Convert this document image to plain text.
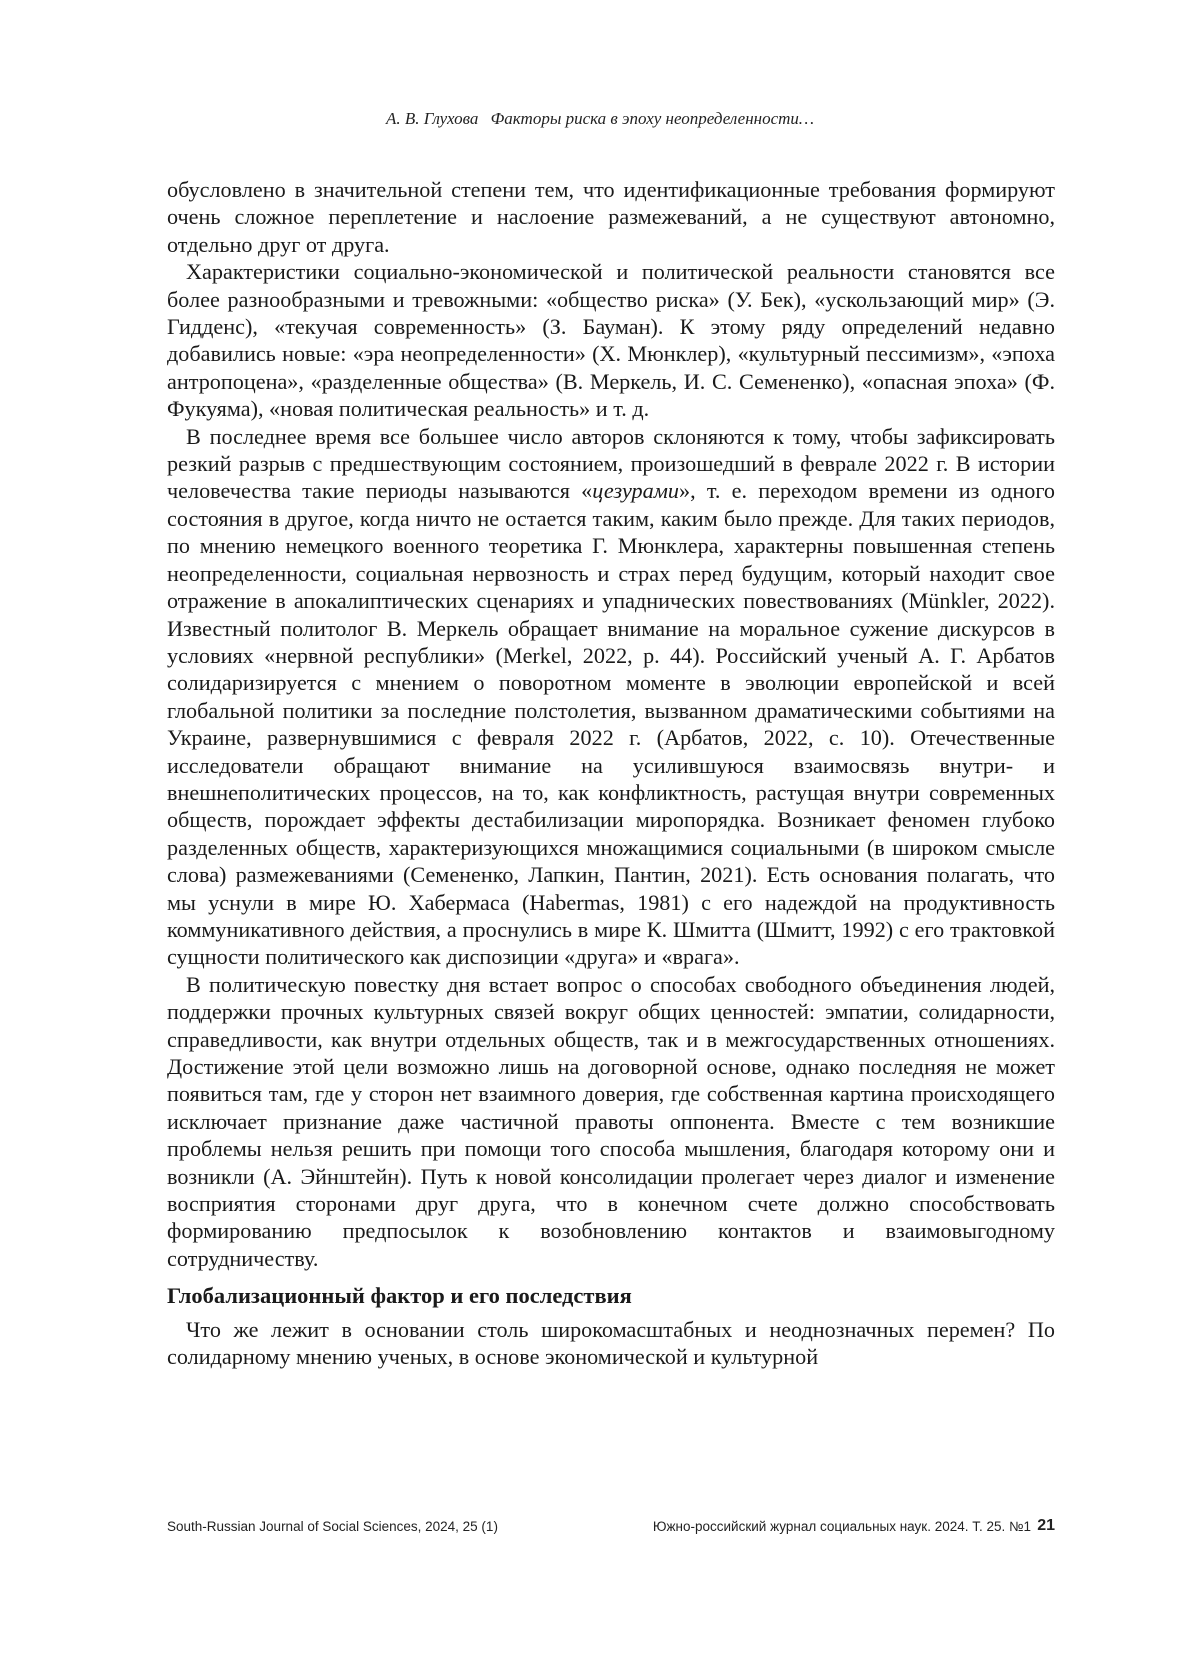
А. В. Глухова Факторы риска в эпоху неопределенности…

обусловлено в значительной степени тем, что идентификационные требования формируют очень сложное переплетение и наслоение размежеваний, а не существуют автономно, отдельно друг от друга.

Характеристики социально-экономической и политической реальности становятся все более разнообразными и тревожными: «общество риска» (У. Бек), «ускользающий мир» (Э. Гидденс), «текучая современность» (З. Бауман). К этому ряду определений недавно добавились новые: «эра неопределенности» (Х. Мюнклер), «культурный пессимизм», «эпоха антропоцена», «разделенные общества» (В. Меркель, И. С. Семененко), «опасная эпоха» (Ф. Фукуяма), «новая политическая реальность» и т. д.

В последнее время все большее число авторов склоняются к тому, чтобы зафиксировать резкий разрыв с предшествующим состоянием, произошедший в феврале 2022 г. В истории человечества такие периоды называются «цезурами», т. е. переходом времени из одного состояния в другое, когда ничто не остается таким, каким было прежде. Для таких периодов, по мнению немецкого военного теоретика Г. Мюнклера, характерны повышенная степень неопределенности, социальная нервозность и страх перед будущим, который находит свое отражение в апокалиптических сценариях и упаднических повествованиях (Münkler, 2022). Известный политолог В. Меркель обращает внимание на моральное сужение дискурсов в условиях «нервной республики» (Merkel, 2022, p. 44). Российский ученый А. Г. Арбатов солидаризируется с мнением о поворотном моменте в эволюции европейской и всей глобальной политики за последние полстолетия, вызванном драматическими событиями на Украине, развернувшимися с февраля 2022 г. (Арбатов, 2022, с. 10). Отечественные исследователи обращают внимание на усилившуюся взаимосвязь внутри- и внешнеполитических процессов, на то, как конфликтность, растущая внутри современных обществ, порождает эффекты дестабилизации миропорядка. Возникает феномен глубоко разделенных обществ, характеризующихся множащимися социальными (в широком смысле слова) размежеваниями (Семененко, Лапкин, Пантин, 2021). Есть основания полагать, что мы уснули в мире Ю. Хабермаса (Habermas, 1981) с его надеждой на продуктивность коммуникативного действия, а проснулись в мире К. Шмитта (Шмитт, 1992) с его трактовкой сущности политического как диспозиции «друга» и «врага».

В политическую повестку дня встает вопрос о способах свободного объединения людей, поддержки прочных культурных связей вокруг общих ценностей: эмпатии, солидарности, справедливости, как внутри отдельных обществ, так и в межгосударственных отношениях. Достижение этой цели возможно лишь на договорной основе, однако последняя не может появиться там, где у сторон нет взаимного доверия, где собственная картина происходящего исключает признание даже частичной правоты оппонента. Вместе с тем возникшие проблемы нельзя решить при помощи того способа мышления, благодаря которому они и возникли (А. Эйнштейн). Путь к новой консолидации пролегает через диалог и изменение восприятия сторонами друг друга, что в конечном счете должно способствовать формированию предпосылок к возобновлению контактов и взаимовыгодному сотрудничеству.

Глобализационный фактор и его последствия

Что же лежит в основании столь широкомасштабных и неоднозначных перемен? По солидарному мнению ученых, в основе экономической и культурной

South-Russian Journal of Social Sciences, 2024, 25 (1)	Южно-российский журнал социальных наук. 2024. Т. 25. №1 21
